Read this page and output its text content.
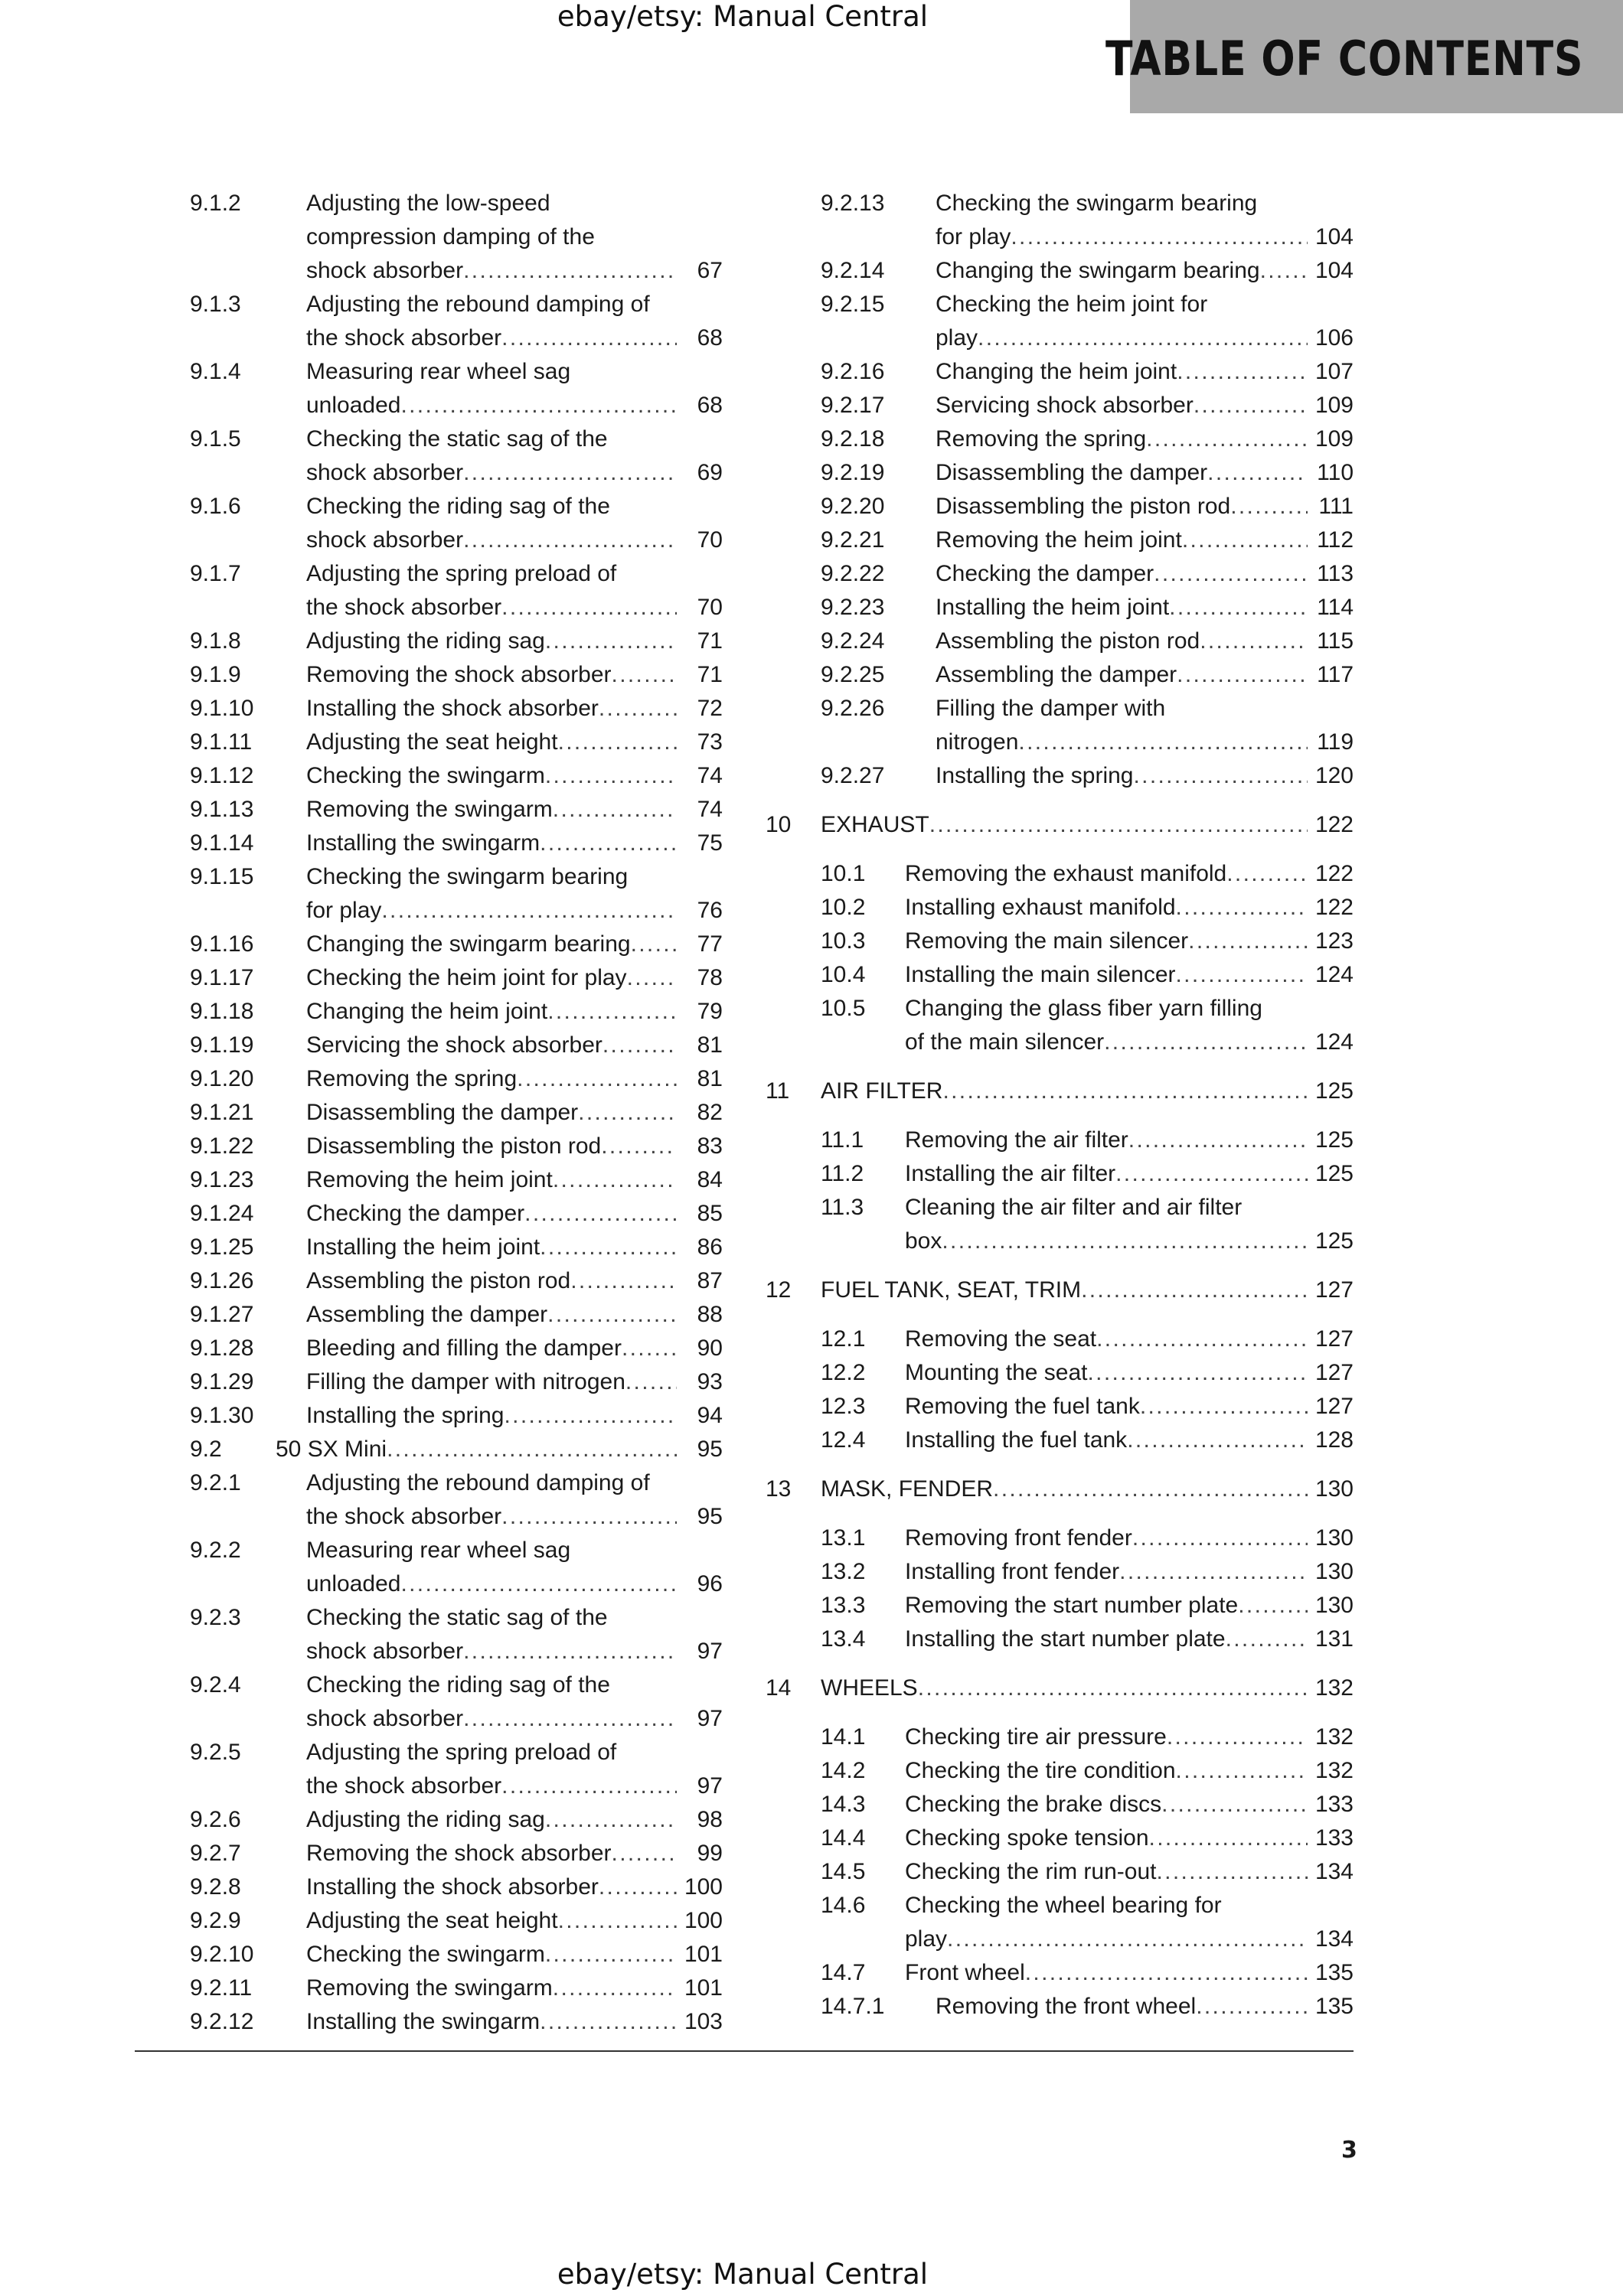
ebay/etsy: Manual Central
TABLE OF CONTENTS
9.1.2	Adjusting the low-speed
compression damping of the
shock absorber . . .	67
9.1.3	Adjusting the rebound damping of
the shock absorber . . .	68
9.1.4	Measuring rear wheel sag
unloaded . . .	68
9.1.5	Checking the static sag of the
shock absorber . . .	69
9.1.6	Checking the riding sag of the
shock absorber . . .	70
9.1.7	Adjusting the spring preload of
the shock absorber . . .	70
9.1.8	Adjusting the riding sag . . .	71
9.1.9	Removing the shock absorber . . .	71
9.1.10 Installing the shock absorber . . .	72
9.1.11 Adjusting the seat height . . .	73
9.1.12 Checking the swingarm . . .	74
9.1.13 Removing the swingarm . . .	74
9.1.14 Installing the swingarm . . .	75
9.1.15 Checking the swingarm bearing
for play . . .	76
9.1.16 Changing the swingarm bearing . . .	77
9.1.17 Checking the heim joint for play . . .	78
9.1.18 Changing the heim joint . . .	79
9.1.19 Servicing the shock absorber . . .	81
9.1.20 Removing the spring . . .	81
9.1.21 Disassembling the damper . . .	82
9.1.22 Disassembling the piston rod . . .	83
9.1.23 Removing the heim joint . . .	84
9.1.24 Checking the damper . . .	85
9.1.25 Installing the heim joint . . .	86
9.1.26 Assembling the piston rod . . .	87
9.1.27 Assembling the damper . . .	88
9.1.28 Bleeding and filling the damper . . .	90
9.1.29 Filling the damper with nitrogen . . .	93
9.1.30 Installing the spring . . .	94
9.2 50 SX Mini . . .	95
9.2.1	Adjusting the rebound damping of
the shock absorber . . .	95
9.2.2	Measuring rear wheel sag
unloaded . . .	96
9.2.3	Checking the static sag of the
shock absorber . . .	97
9.2.4	Checking the riding sag of the
shock absorber . . .	97
9.2.5	Adjusting the spring preload of
the shock absorber . . .	97
9.2.6	Adjusting the riding sag . . .	98
9.2.7	Removing the shock absorber . . .	99
9.2.8	Installing the shock absorber . . .	100
9.2.9	Adjusting the seat height . . .	100
9.2.10 Checking the swingarm . . .	101
9.2.11 Removing the swingarm . . .	101
9.2.12 Installing the swingarm . . .	103
9.2.13 Checking the swingarm bearing
for play . . .	104
9.2.14 Changing the swingarm bearing . . .	104
9.2.15 Checking the heim joint for
play . . .	106
9.2.16 Changing the heim joint . . .	107
9.2.17 Servicing shock absorber . . .	109
9.2.18 Removing the spring . . .	109
9.2.19 Disassembling the damper . . .	110
9.2.20 Disassembling the piston rod . . .	111
9.2.21 Removing the heim joint . . .	112
9.2.22 Checking the damper . . .	113
9.2.23 Installing the heim joint . . .	114
9.2.24 Assembling the piston rod . . .	115
9.2.25 Assembling the damper . . .	117
9.2.26 Filling the damper with
nitrogen . . .	119
9.2.27 Installing the spring . . .	120
10 EXHAUST . . .	122
10.1 Removing the exhaust manifold . . .	122
10.2 Installing exhaust manifold . . .	122
10.3 Removing the main silencer . . .	123
10.4 Installing the main silencer . . .	124
10.5 Changing the glass fiber yarn filling
of the main silencer . . .	124
11 AIR FILTER . . .	125
11.1 Removing the air filter . . .	125
11.2 Installing the air filter . . .	125
11.3 Cleaning the air filter and air filter
box . . .	125
12 FUEL TANK, SEAT, TRIM . . .	127
12.1 Removing the seat . . .	127
12.2 Mounting the seat . . .	127
12.3 Removing the fuel tank . . .	127
12.4 Installing the fuel tank . . .	128
13 MASK, FENDER . . .	130
13.1 Removing front fender . . .	130
13.2 Installing front fender . . .	130
13.3 Removing the start number plate . . .	130
13.4 Installing the start number plate . . .	131
14 WHEELS . . .	132
14.1 Checking tire air pressure . . .	132
14.2 Checking the tire condition . . .	132
14.3 Checking the brake discs . . .	133
14.4 Checking spoke tension . . .	133
14.5 Checking the rim run-out . . .	134
14.6 Checking the wheel bearing for
play . . .	134
14.7 Front wheel . . .	135
14.7.1 Removing the front wheel . . .	135
3
ebay/etsy: Manual Central
